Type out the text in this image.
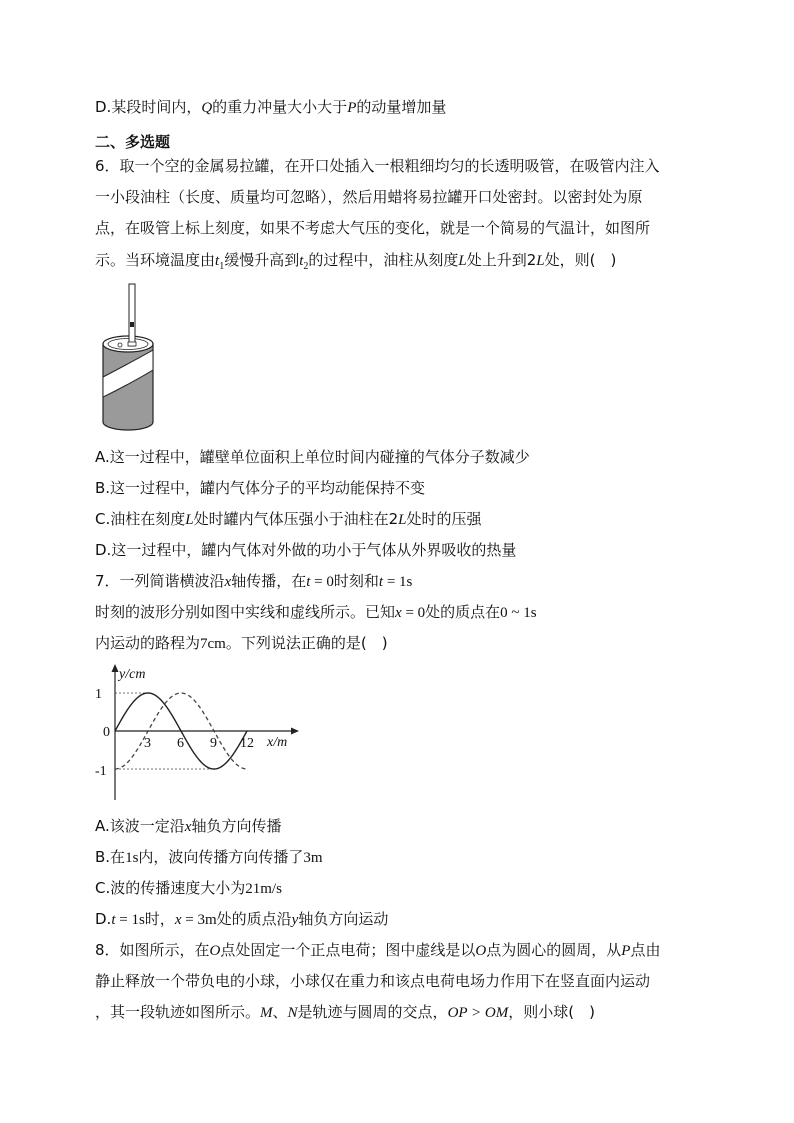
D.某段时间内，Q的重力冲量大小大于P的动量增加量
二、多选题
6．取一个空的金属易拉罐，在开口处插入一根粗细均匀的长透明吸管，在吸管内注入
一小段油柱（长度、质量均可忽略），然后用蜡将易拉罐开口处密封。以密封处为原
点，在吸管上标上刻度，如果不考虑大气压的变化，就是一个简易的气温计，如图所
示。当环境温度由$t_1$缓慢升高到$t_2$的过程中，油柱从刻度L处上升到2L处，则(　)
A.这一过程中，罐壁单位面积上单位时间内碰撞的气体分子数减少
B.这一过程中，罐内气体分子的平均动能保持不变
C.油柱在刻度L处时罐内气体压强小于油柱在2L处时的压强
D.这一过程中，罐内气体对外做的功小于气体从外界吸收的热量
7．一列简谐横波沿x轴传播，在t = 0时刻和t = 1s
时刻的波形分别如图中实线和虚线所示。已知x = 0处的质点在0 ~ 1s
内运动的路程为7cm。下列说法正确的是(　)
y/cm
1
0
-1
3 6 9 12 x/m
A.该波一定沿x轴负方向传播
B.在1s内，波向传播方向传播了3m
C.波的传播速度大小为21m/s
D.t = 1s时，x = 3m处的质点沿y轴负方向运动
8．如图所示，在O点处固定一个正点电荷；图中虚线是以O点为圆心的圆周，从P点由
静止释放一个带负电的小球，小球仅在重力和该点电荷电场力作用下在竖直面内运动
，其一段轨迹如图所示。M、N是轨迹与圆周的交点，OP > OM，则小球(　)
